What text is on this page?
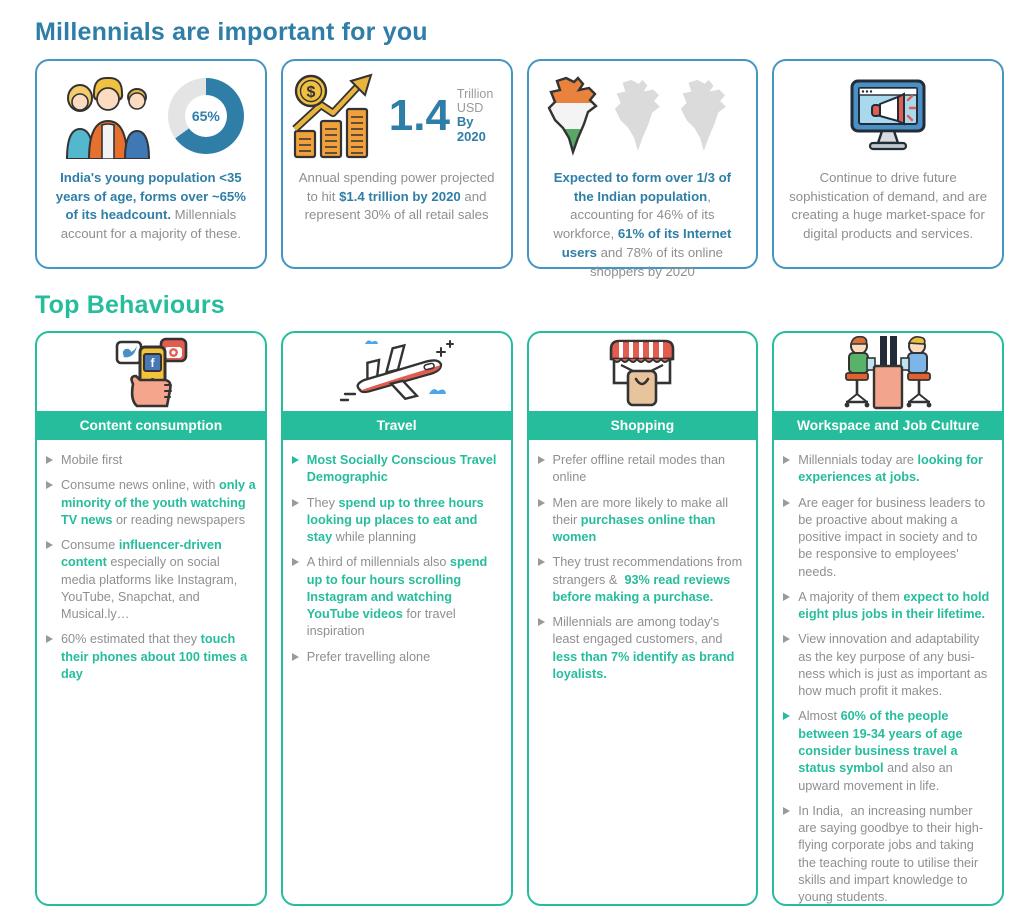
Millennials are important for you
65%

India's young population <35 years of age, forms over ~65% of its headcount. Millennials account for a majority of these.

$ 1.4 Trillion USD
By 2020

Annual spending power projected to hit $1.4 trillion by 2020 and represent 30% of all retail sales

Expected to form over 1/3 of the Indian population, accounting for 46% of its workforce, 61% of its Internet users and 78% of its online shoppers by 2020

Continue to drive future sophistication of demand, and are creating a huge market-space for digital products and services.

Top Behaviours
f
Content consumption

Mobile first

Consume news online, with only a minority of the youth watching TV news or reading newspapers

Consume influencer-driven content especially on social media platforms like Instagram, YouTube, Snapchat, and Musical.ly…

60% estimated that they touch their phones about 100 times a day

Travel

Most Socially Conscious Travel Demographic

They spend up to three hours looking up places to eat and stay while planning

A third of millennials also spend up to four hours scrolling Instagram and watching YouTube videos for travel inspiration

Prefer travelling alone

Shopping

Prefer offline retail modes than online

Men are more likely to make all their purchases online than women

They trust recommendations from strangers &  93% read reviews before making a purchase.

Millennials are among today's least engaged customers, and less than 7% identify as brand loyalists.

Workspace and Job Culture

Millennials today are looking for experiences at jobs.

Are eager for business leaders to be proactive about making a positive impact in society and to be responsive to employees' needs.

A majority of them expect to hold eight plus jobs in their lifetime.

View innovation and adaptability as the key purpose of any busi-ness which is just as important as how much profit it makes.

Almost 60% of the people between 19-34 years of age consider business travel a status symbol and also an upward movement in life.

In India,  an increasing number are saying goodbye to their high-flying corporate jobs and taking the teaching route to utilise their skills and impart knowledge to young students.
